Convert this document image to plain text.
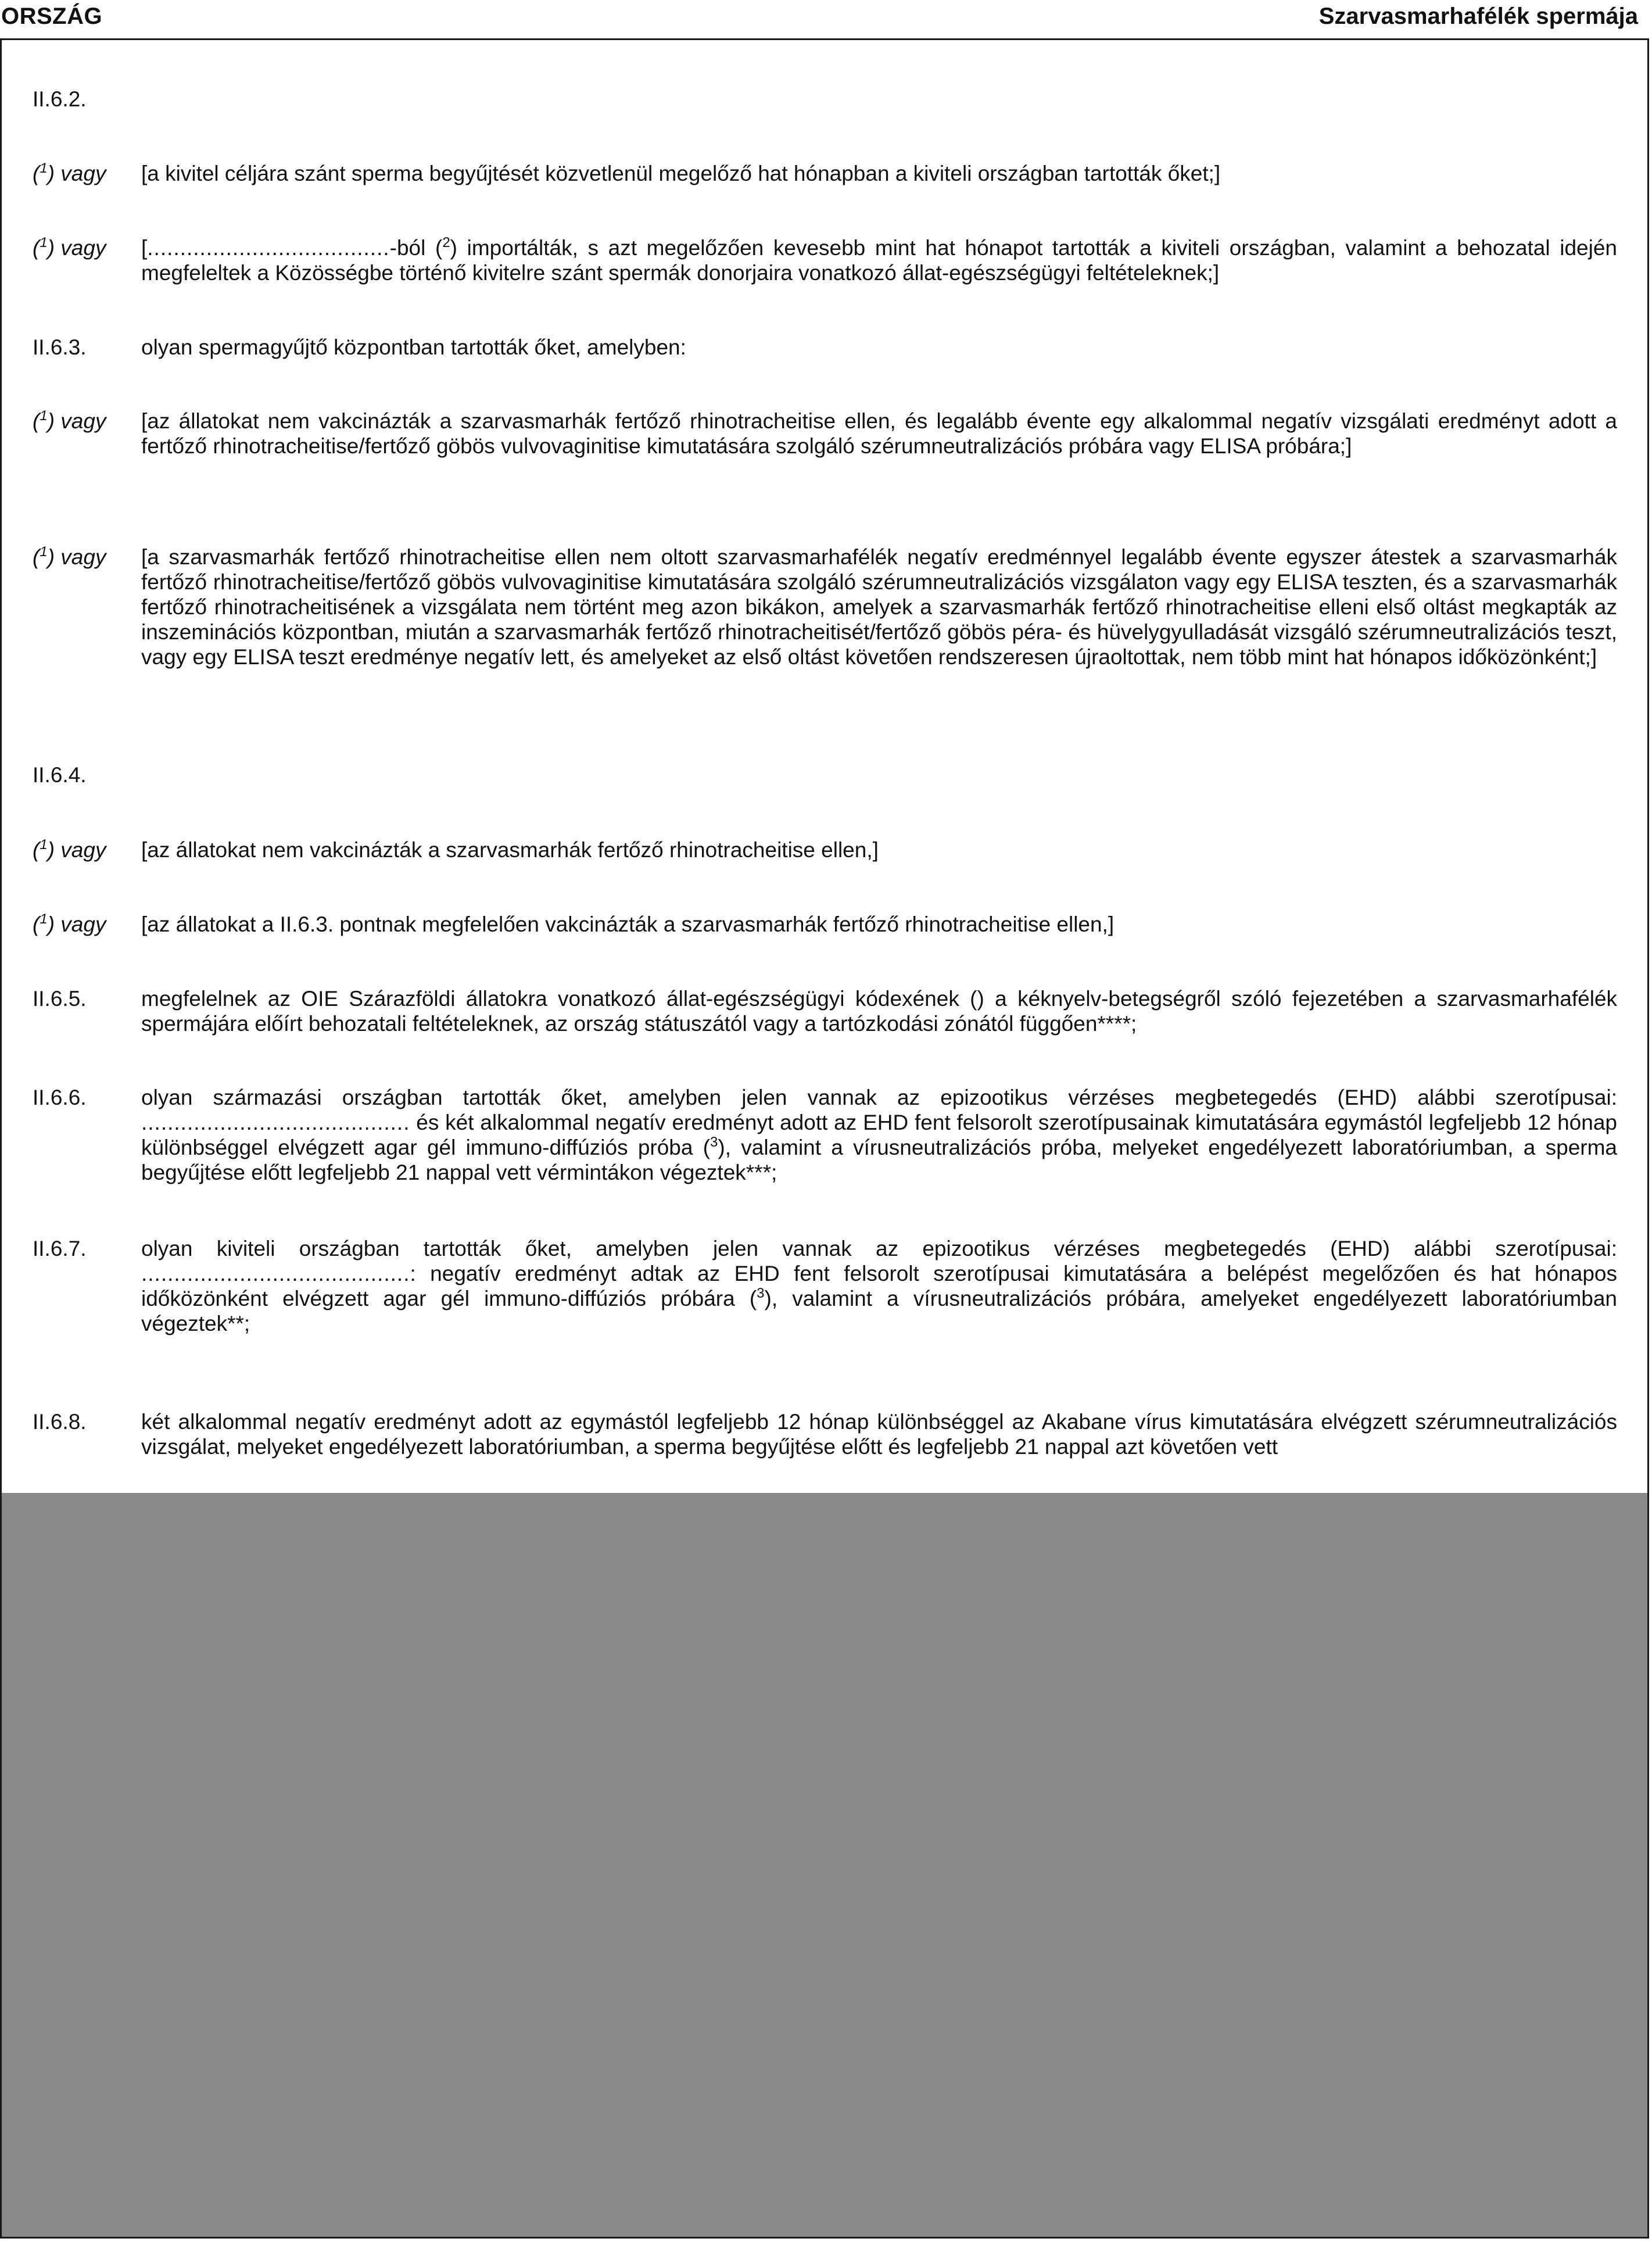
ORSZÁG	Szarvasmarhafélék spermája
II.6.2.
($^1$) vagy [a kivitel céljára szánt sperma begyűjtését közvetlenül megelőző hat hónapban a kiviteli országban tartották őket;]
($^1$) vagy [.....................................-ból ($^2$) importálták, s azt megelőzően kevesebb mint hat hónapot tartották a kiviteli országban, valamint a behozatal idején megfeleltek a Közösségbe történő kivitelre szánt spermák donorjaira vonatkozó állat-egészségügyi feltételeknek;]
II.6.3.	olyan spermagyűjtő központban tartották őket, amelyben:
($^1$) vagy [az állatokat nem vakcinázták a szarvasmarhák fertőző rhinotracheitise ellen, és legalább évente egy alkalommal negatív vizsgálati eredményt adott a fertőző rhinotracheitise/fertőző göbös vulvovaginitise kimutatására szolgáló szérumneutralizációs próbára vagy ELISA próbára;]
($^1$) vagy [a szarvasmarhák fertőző rhinotracheitise ellen nem oltott szarvasmarhafélék negatív eredménnyel legalább évente egyszer átestek a szarvasmarhák fertőző rhinotracheitise/fertőző göbös vulvovaginitise kimutatására szolgáló szérumneutralizációs vizsgálaton vagy egy ELISA teszten, és a szarvasmarhák fertőző rhinotracheitisének a vizsgálata nem történt meg azon bikákon, amelyek a szarvasmarhák fertőző rhinotracheitise elleni első oltást megkapták az inszeminációs központban, miután a szarvasmarhák fertőző rhinotracheitisét/fertőző göbös péra- és hüvelygyulladását vizsgáló szérumneutralizációs teszt, vagy egy ELISA teszt eredménye negatív lett, és amelyeket az első oltást követően rendszeresen újraoltottak, nem több mint hat hónapos időközönként;]
II.6.4.
($^1$) vagy [az állatokat nem vakcinázták a szarvasmarhák fertőző rhinotracheitise ellen,]
($^1$) vagy [az állatokat a II.6.3. pontnak megfelelően vakcinázták a szarvasmarhák fertőző rhinotracheitise ellen,]
II.6.5.	megfelelnek az OIE Szárazföldi állatokra vonatkozó állat-egészségügyi kódexének () a kéknyelv-betegségről szóló fejezetében a szarvasmarhafélék spermájára előírt behozatali feltételeknek, az ország státuszától vagy a tartózkodási zónától függően****;
II.6.6.	olyan származási országban tartották őket, amelyben jelen vannak az epizootikus vérzéses megbetegedés (EHD) alábbi szerotípusai: ......................................... és két alkalommal negatív eredményt adott az EHD fent felsorolt szerotípusainak kimutatására egymástól legfeljebb 12 hónap különbséggel elvégzett agar gél immuno-diffúziós próba ($^3$), valamint a vírusneutralizációs próba, melyeket engedélyezett laboratóriumban, a sperma begyűjtése előtt legfeljebb 21 nappal vett vérmintákon végeztek***;
II.6.7.	olyan kiviteli országban tartották őket, amelyben jelen vannak az epizootikus vérzéses megbetegedés (EHD) alábbi szerotípusai: .........................................: negatív eredményt adtak az EHD fent felsorolt szerotípusai kimutatására a belépést megelőzően és hat hónapos időközönként elvégzett agar gél immuno-diffúziós próbára ($^3$), valamint a vírusneutralizációs próbára, amelyeket engedélyezett laboratóriumban végeztek**;
II.6.8.	két alkalommal negatív eredményt adott az egymástól legfeljebb 12 hónap különbséggel az Akabane vírus kimutatására elvégzett szérumneutralizációs vizsgálat, melyeket engedélyezett laboratóriumban, a sperma begyűjtése előtt és legfeljebb 21 nappal azt követően vett
